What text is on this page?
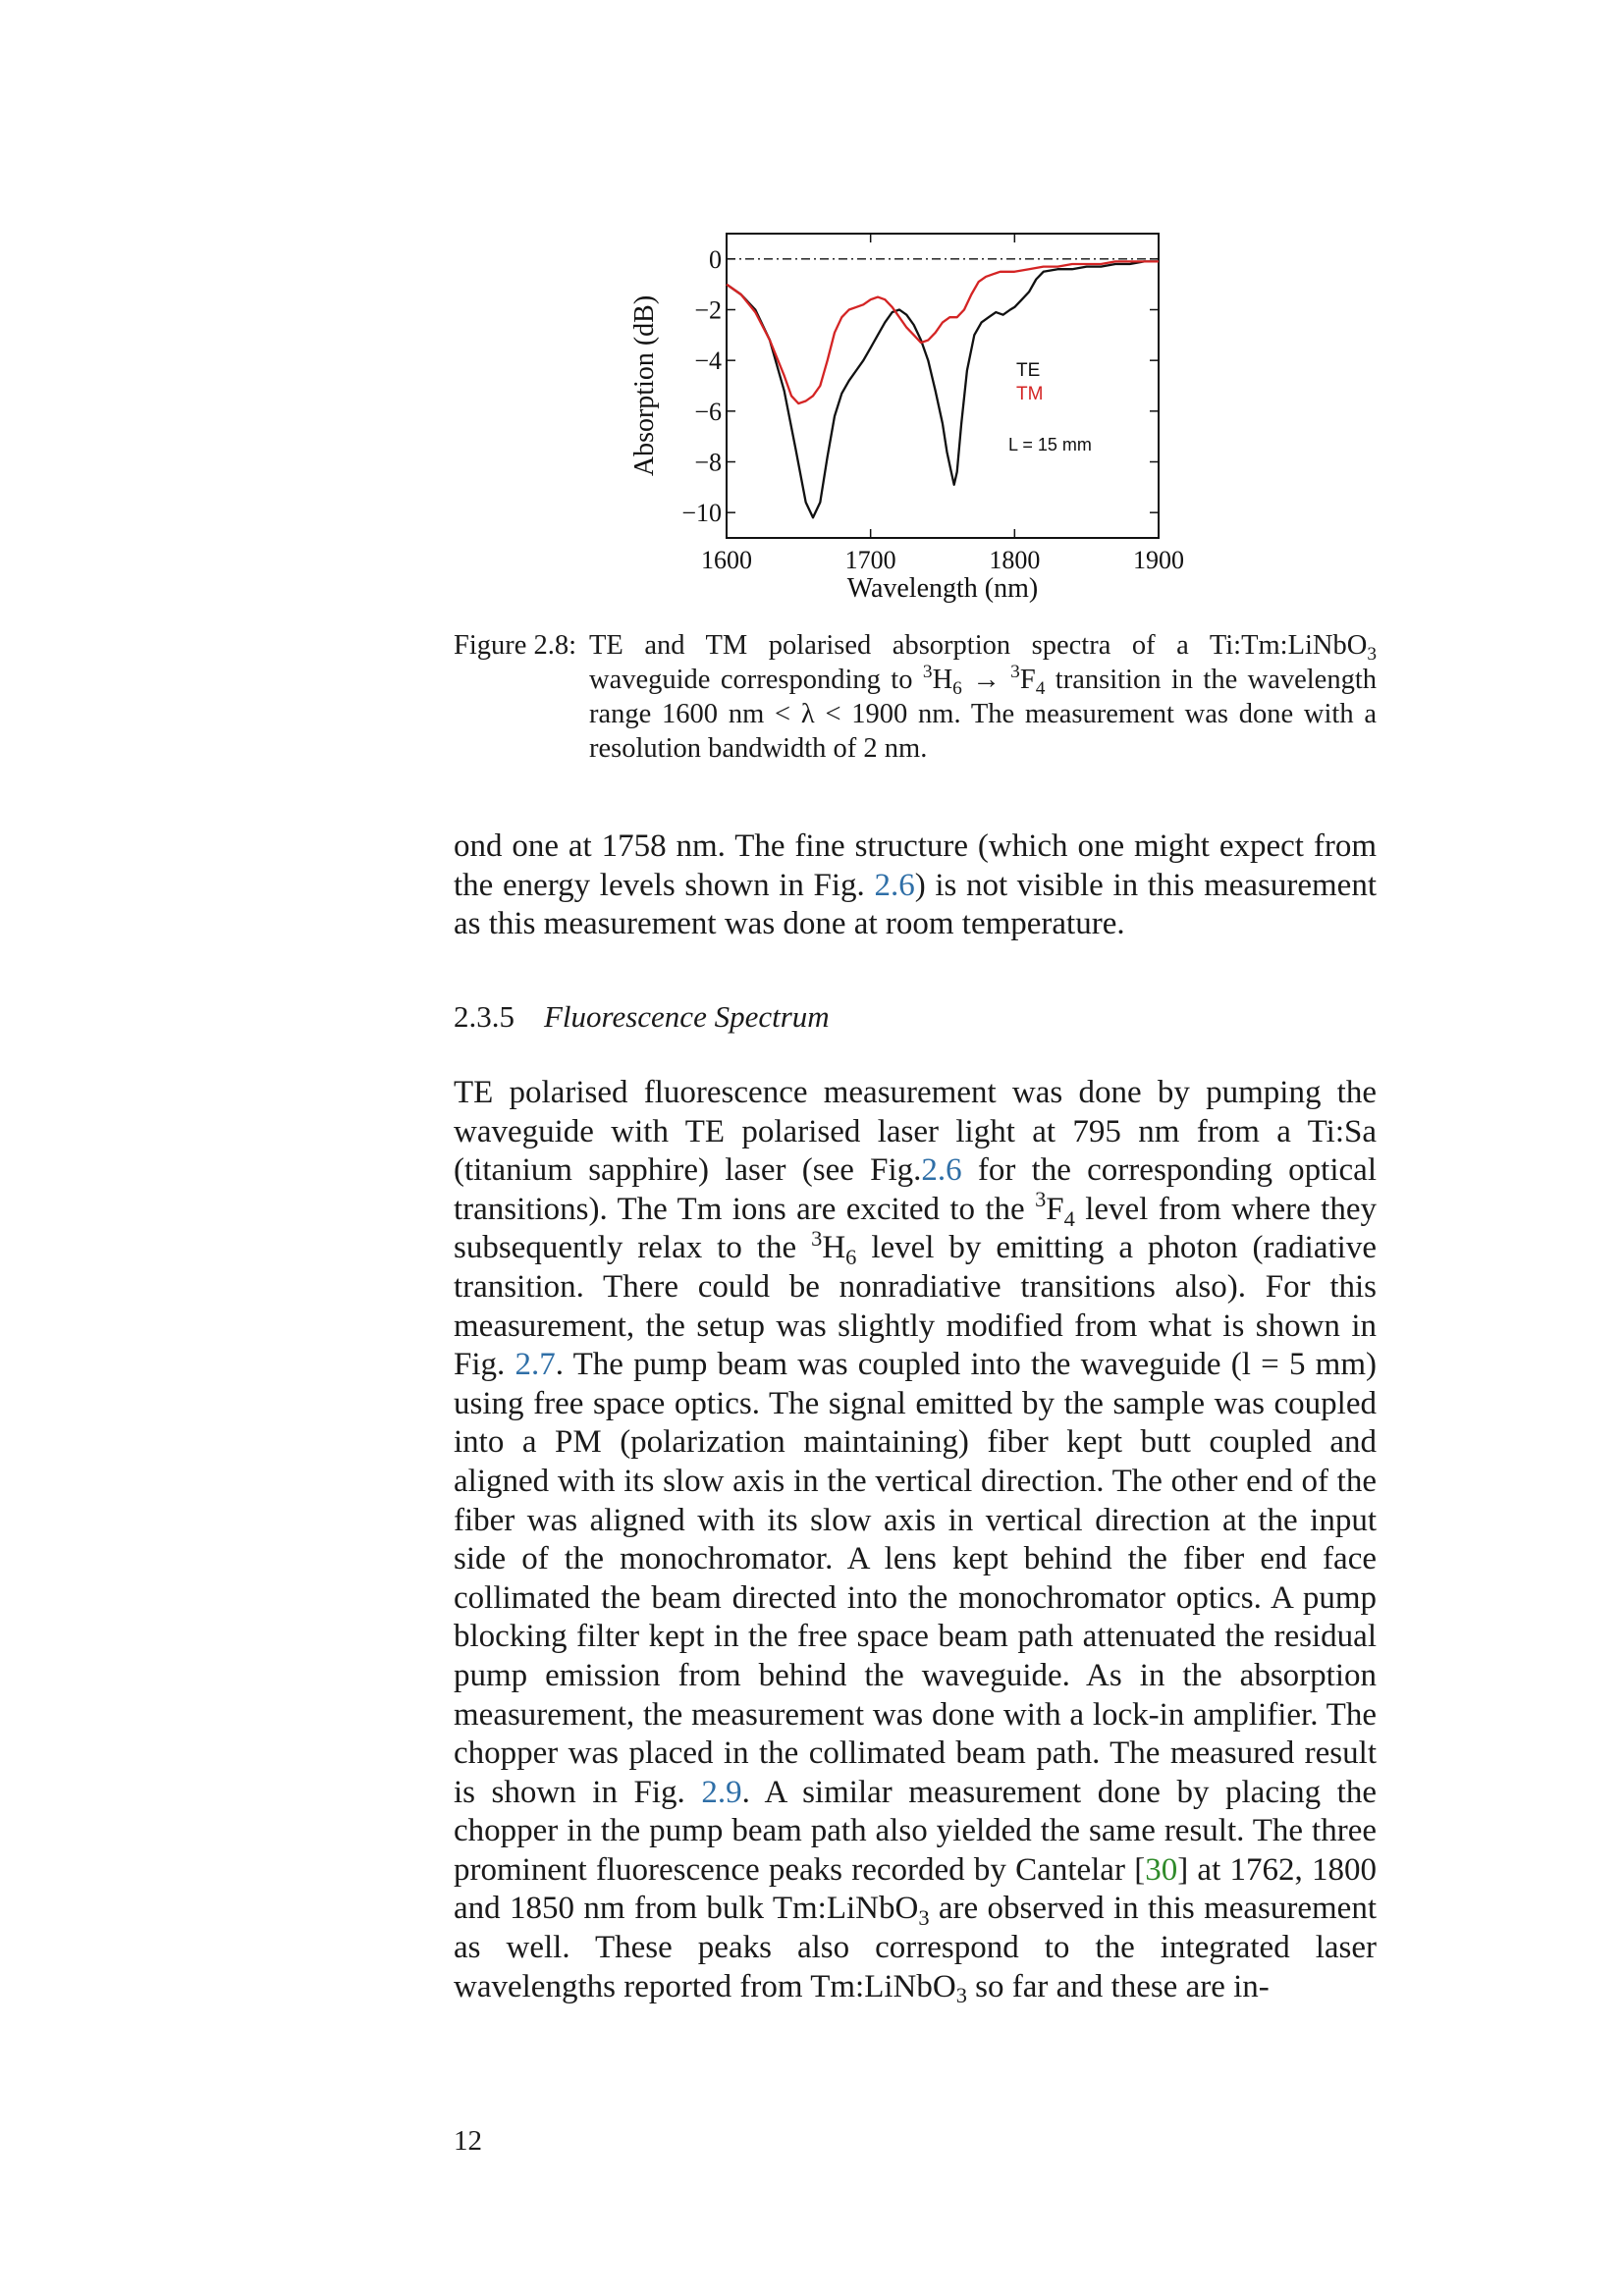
1600	1700	1800	1900
0
−2
−4
−6
−8
−10
TE
TM
L = 15 mm
Wavelength (nm)
Absorption (dB)
Figure 2.8: TE and TM polarised absorption spectra of a Ti:Tm:LiNbO$_3$ waveguide corresponding to $^3H_6 \to ^3F_4$ transition in the wavelength range 1600 nm < λ < 1900 nm. The measurement was done with a resolution bandwidth of 2 nm.
ond one at 1758 nm. The fine structure (which one might expect from the energy levels shown in Fig. 2.6) is not visible in this measurement as this measurement was done at room temperature.
2.3.5 Fluorescence Spectrum
TE polarised fluorescence measurement was done by pumping the waveguide with TE polarised laser light at 795 nm from a Ti:Sa (titanium sapphire) laser (see Fig.2.6 for the corresponding optical transitions). The Tm ions are excited to the $^3F_4$ level from where they subsequently relax to the $^3H_6$ level by emitting a photon (radiative transition. There could be nonradiative transitions also). For this measurement, the setup was slightly modified from what is shown in Fig. 2.7. The pump beam was coupled into the waveguide (l = 5 mm) using free space optics. The signal emitted by the sample was coupled into a PM (polarization maintaining) fiber kept butt coupled and aligned with its slow axis in the vertical direction. The other end of the fiber was aligned with its slow axis in vertical direction at the input side of the monochromator. A lens kept behind the fiber end face collimated the beam directed into the monochromator optics. A pump blocking filter kept in the free space beam path attenuated the residual pump emission from behind the waveguide. As in the absorption measurement, the measurement was done with a lock-in amplifier. The chopper was placed in the collimated beam path. The measured result is shown in Fig. 2.9. A similar measurement done by placing the chopper in the pump beam path also yielded the same result. The three prominent fluorescence peaks recorded by Cantelar [30] at 1762, 1800 and 1850 nm from bulk Tm:LiNbO$_3$ are observed in this measurement as well. These peaks also correspond to the integrated laser wavelengths reported from Tm:LiNbO$_3$ so far and these are in-
12
